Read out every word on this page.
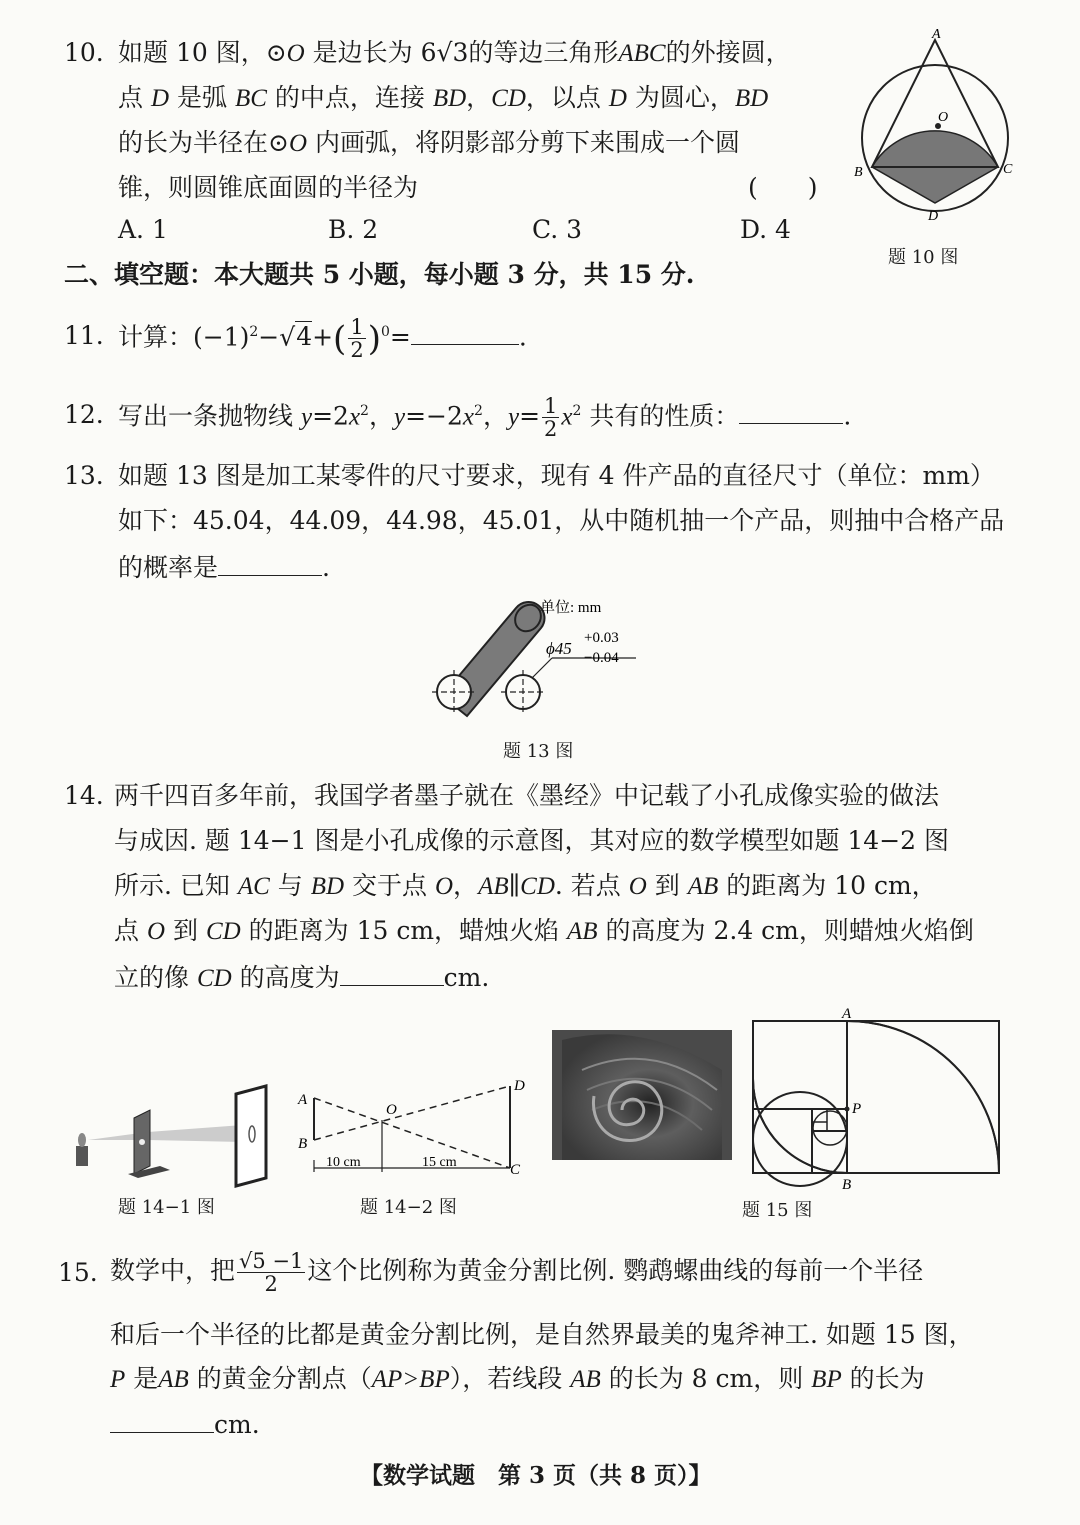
10. 如题 10 图，⊙O 是边长为 6√3的等边三角形ABC的外接圆，
点 D 是弧 BC 的中点，连接 BD，CD，以点 D 为圆心，BD
的长为半径在⊙O 内画弧，将阴影部分剪下来围成一个圆
锥，则圆锥底面圆的半径为	(　　)
A. 1	B. 2	C. 3	D. 4
A
O
B	C
D
题 10 图
二、填空题：本大题共 5 小题，每小题 3 分，共 15 分.
11. 计算：$(-1)^2-√4+( \frac{1}{2} )^0=$	.
12. 写出一条抛物线 $y=2x^2$，$y=-2x^2$，$y= \frac{1}{2} x^2$ 共有的性质：	.
13. 如题 13 图是加工某零件的尺寸要求，现有 4 件产品的直径尺寸（单位：mm）
如下：45.04，44.09，44.98，45.01，从中随机抽一个产品，则抽中合格产品
的概率是	.
单位: mm
ϕ45
+0.03
−0.04
题 13 图
14. 两千四百多年前，我国学者墨子就在《墨经》中记载了小孔成像实验的做法
与成因. 题 14−1 图是小孔成像的示意图，其对应的数学模型如题 14−2 图
所示. 已知 AC 与 BD 交于点 O，AB∥CD. 若点 O 到 AB 的距离为 10 cm，
点 O 到 CD 的距离为 15 cm，蜡烛火焰 AB 的高度为 2.4 cm，则蜡烛火焰倒
立的像 CD 的高度为	cm.
题 14−1 图
A
B
O
D
C
10 cm	15 cm
题 14−2 图
A
P
B
题 15 图
15. 数学中，把 $\frac{√5 -1}{2}$ 这个比例称为黄金分割比例. 鹦鹉螺曲线的每前一个半径
和后一个半径的比都是黄金分割比例，是自然界最美的鬼斧神工. 如题 15 图，
P 是AB 的黄金分割点（AP>BP），若线段 AB 的长为 8 cm，则 BP 的长为
cm.
【数学试题　第 3 页（共 8 页）】
